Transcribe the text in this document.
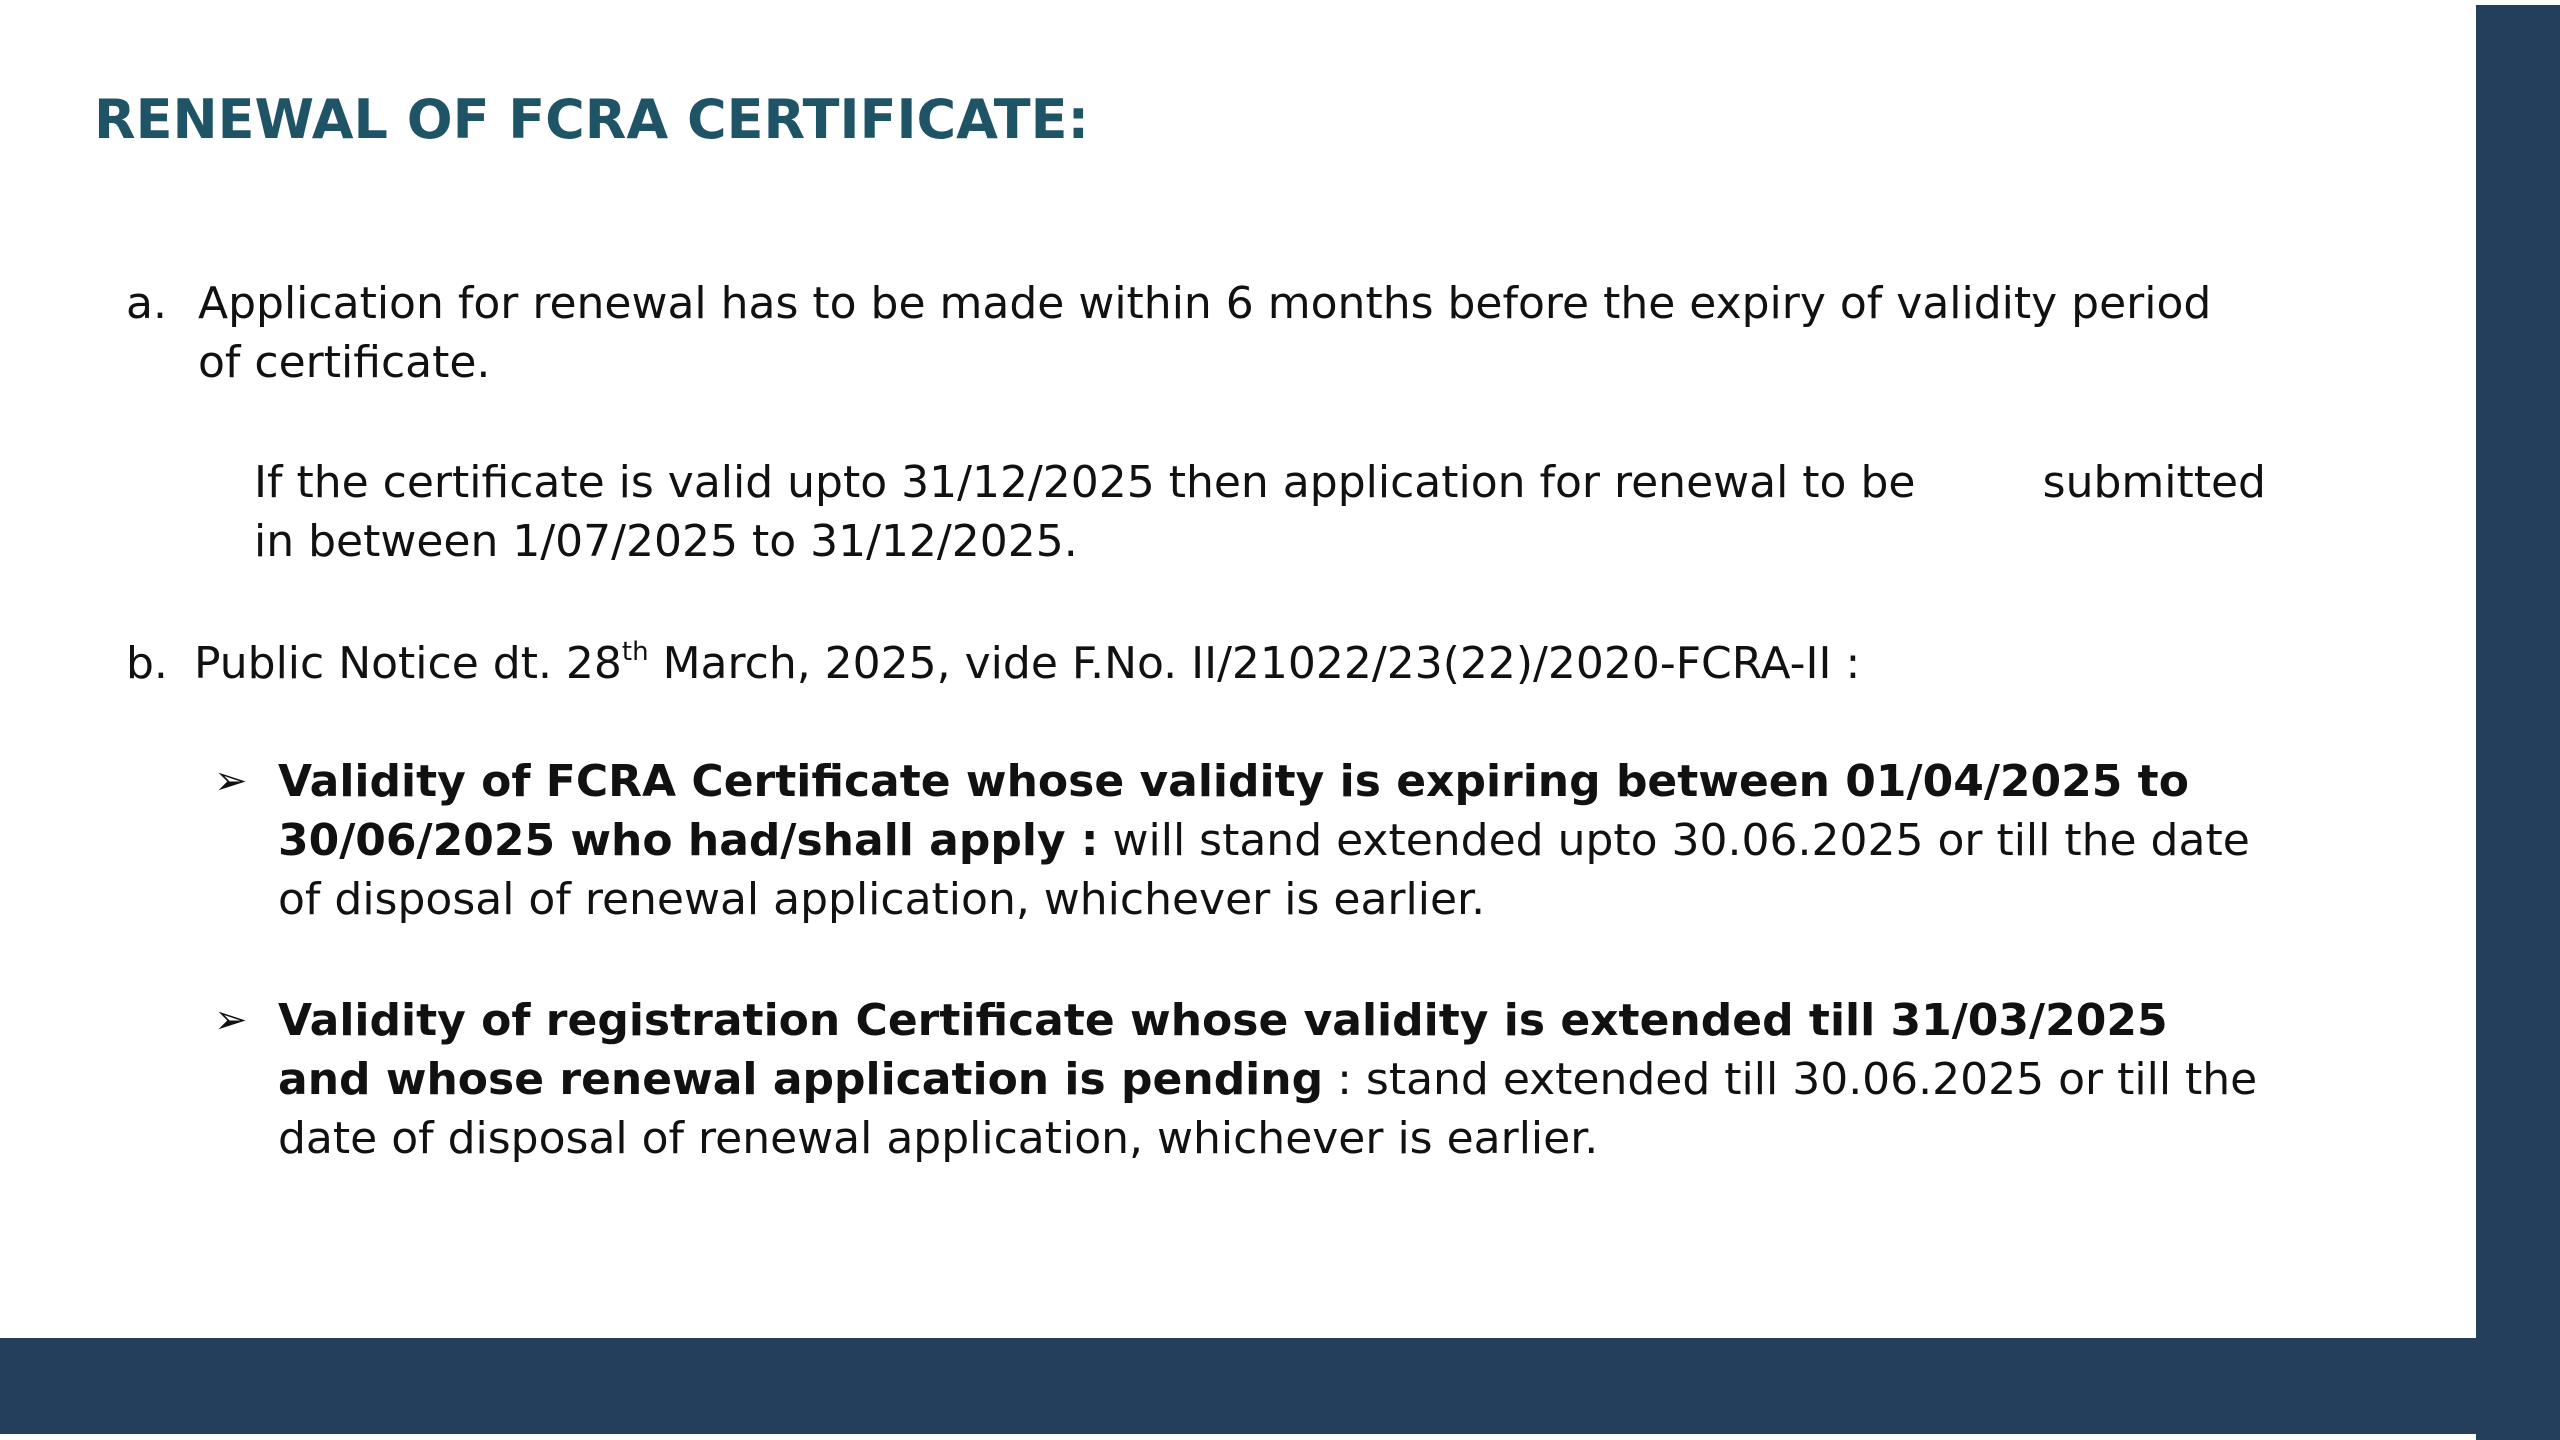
RENEWAL OF FCRA CERTIFICATE:
a. Application for renewal has to be made within 6 months before the expiry of validity period of certificate.
If the certificate is valid upto 31/12/2025 then application for renewal to be	submitted
in between 1/07/2025 to 31/12/2025.
b. Public Notice dt. 28th March, 2025, vide F.No. II/21022/23(22)/2020-FCRA-II :
➢ Validity of FCRA Certificate whose validity is expiring between 01/04/2025 to 30/06/2025 who had/shall apply : will stand extended upto 30.06.2025 or till the date of disposal of renewal application, whichever is earlier.
➢ Validity of registration Certificate whose validity is extended till 31/03/2025 and whose renewal application is pending : stand extended till 30.06.2025 or till the date of disposal of renewal application, whichever is earlier.
